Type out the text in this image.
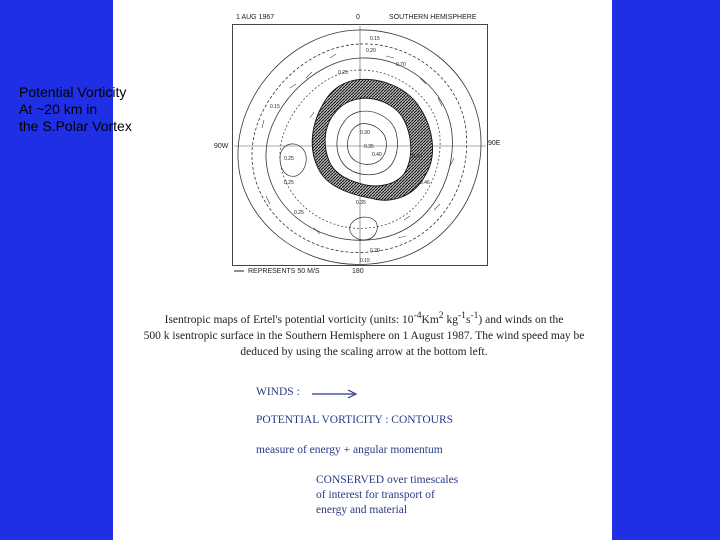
Potential Vorticity
At ~20 km in
the S.Polar Vortex
0.15
0.20
0.25
0.30
0.35
0.40
0.70
0.30
0.46
0.25
0.35
0.20
0.15
0.15
0.25
0.25
1 AUG 1967	0	SOUTHERN HEMISPHERE
90W	90E
REPRESENTS 50 M/S	180
Isentropic maps of Ertel's potential vorticity (units: $10^{-4}Km^2$ $kg^{-1}s^{-1}$) and winds on the
500 k isentropic surface in the Southern Hemisphere on 1 August 1987. The wind speed may be
deduced by using the scaling arrow at the bottom left.
WINDS :
POTENTIAL VORTICITY : CONTOURS
measure of energy + angular momentum
CONSERVED over timescales
of interest for transport of
energy and material
